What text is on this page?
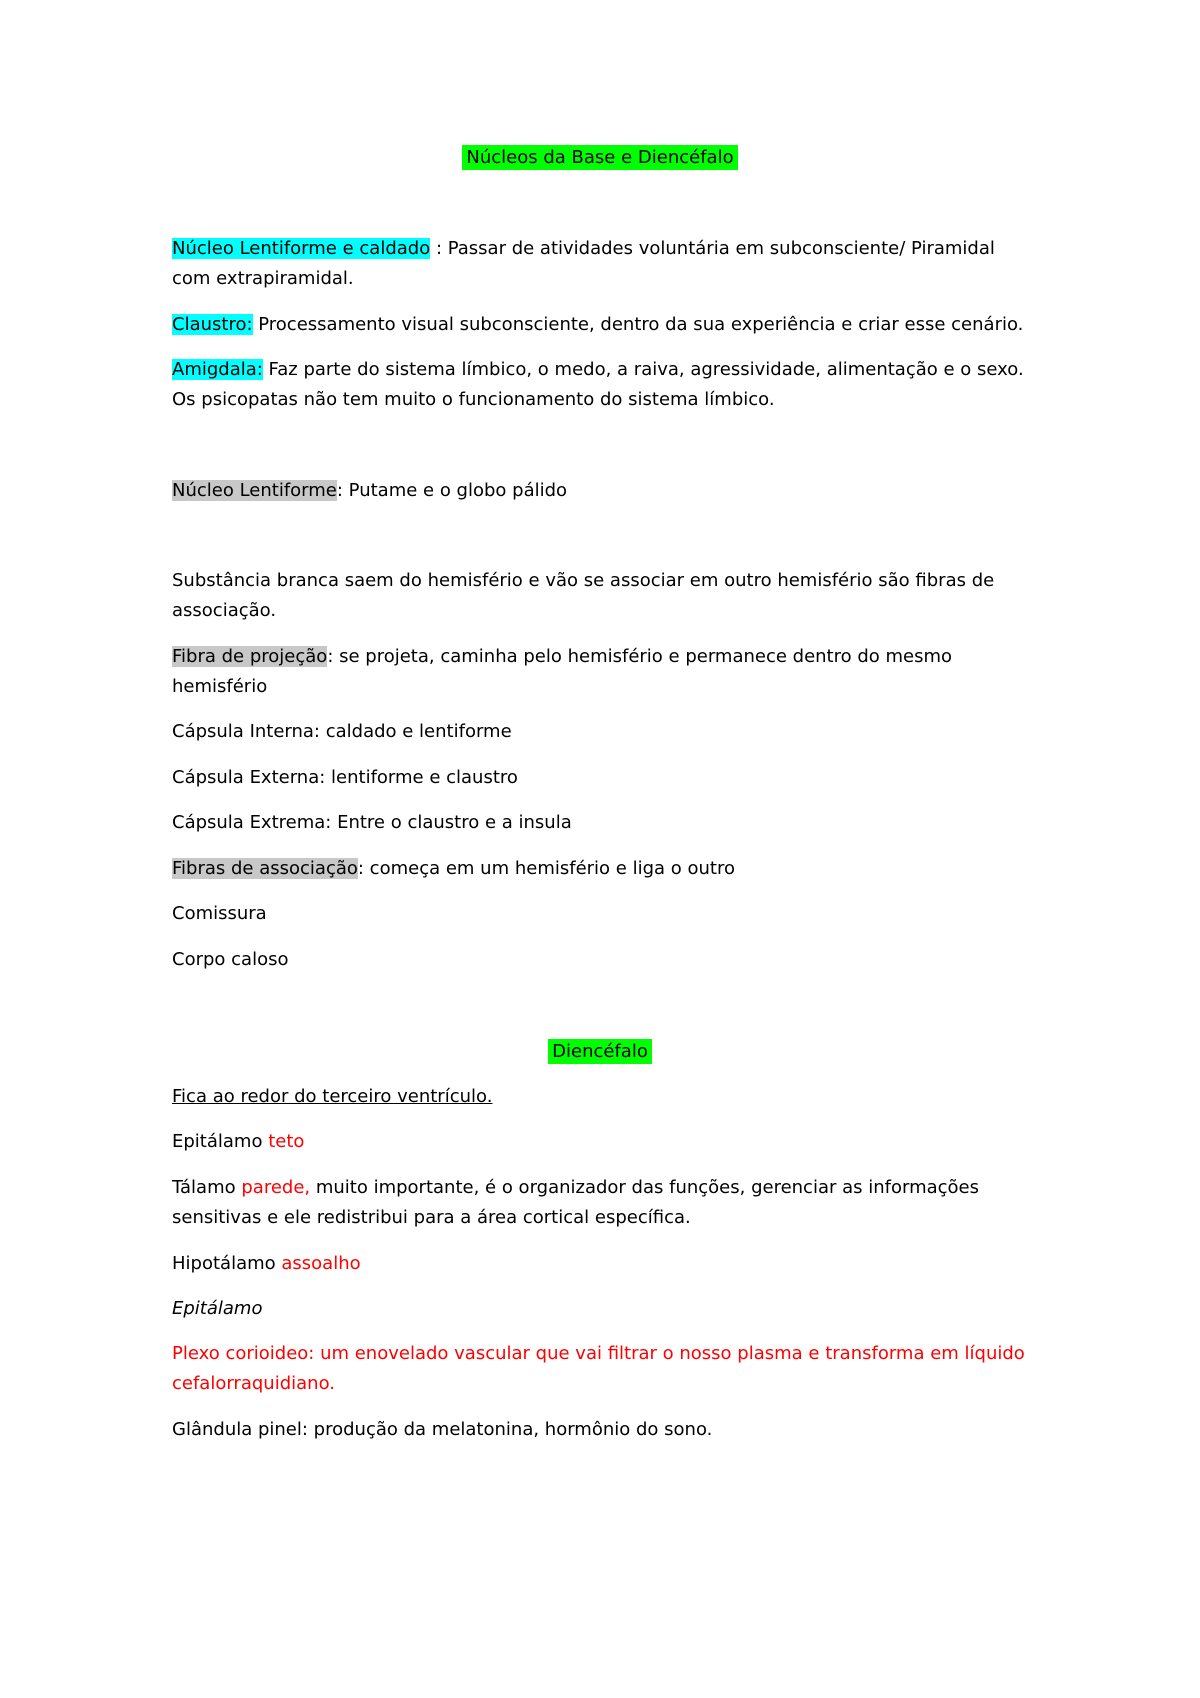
Núcleos da Base e Diencéfalo
Núcleo Lentiforme e caldado : Passar de atividades voluntária em subconsciente/ Piramidal
com extrapiramidal.
Claustro: Processamento visual subconsciente, dentro da sua experiência e criar esse cenário.
Amigdala: Faz parte do sistema límbico, o medo, a raiva, agressividade, alimentação e o sexo.
Os psicopatas não tem muito o funcionamento do sistema límbico.
Núcleo Lentiforme: Putame e o globo pálido
Substância branca saem do hemisfério e vão se associar em outro hemisfério são fibras de
associação.
Fibra de projeção: se projeta, caminha pelo hemisfério e permanece dentro do mesmo
hemisfério
Cápsula Interna: caldado e lentiforme
Cápsula Externa: lentiforme e claustro
Cápsula Extrema: Entre o claustro e a insula
Fibras de associação: começa em um hemisfério e liga o outro
Comissura
Corpo caloso
Diencéfalo
Fica ao redor do terceiro ventrículo.
Epitálamo teto
Tálamo parede, muito importante, é o organizador das funções, gerenciar as informações
sensitivas e ele redistribui para a área cortical específica.
Hipotálamo assoalho
Epitálamo
Plexo corioideo: um enovelado vascular que vai filtrar o nosso plasma e transforma em líquido
cefalorraquidiano.
Glândula pinel: produção da melatonina, hormônio do sono.
